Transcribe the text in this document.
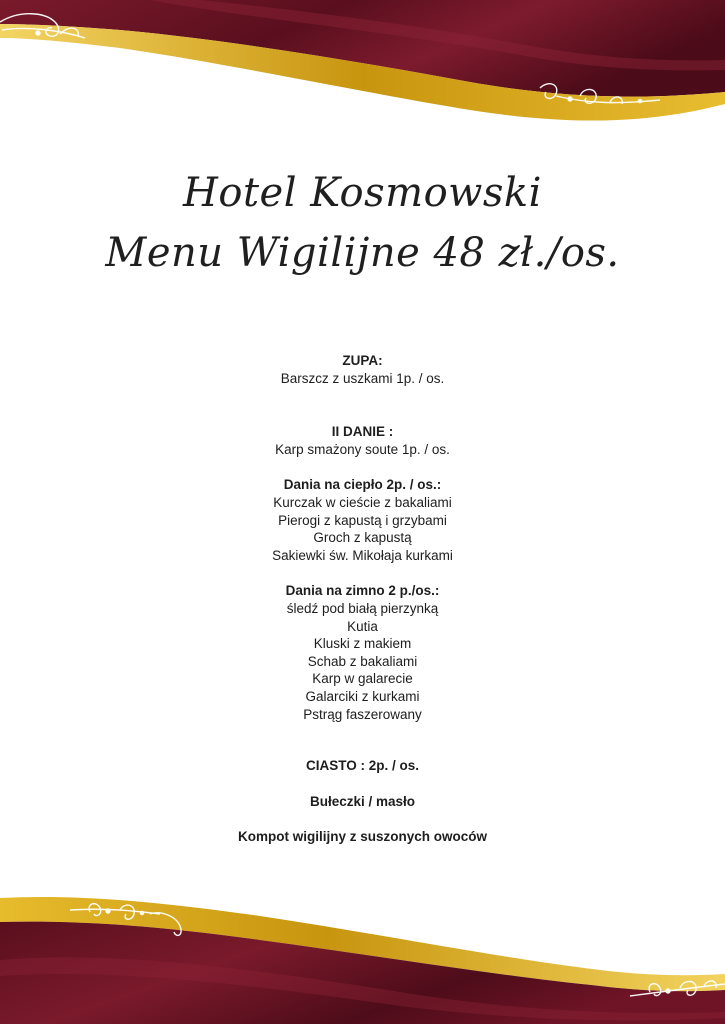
Hotel Kosmowski
Menu Wigilijne 48 zł./os.
ZUPA:
Barszcz z uszkami 1p. / os.
II DANIE :
Karp smażony soute 1p. / os.
Dania na ciepło 2p. / os.:
Kurczak w cieście z bakaliami
Pierogi z kapustą i grzybami
Groch z kapustą
Sakiewki św. Mikołaja kurkami
Dania na zimno 2 p./os.:
śledź pod białą pierzynką
Kutia
Kluski z makiem
Schab z bakaliami
Karp w galarecie
Galarciki z kurkami
Pstrąg faszerowany
CIASTO : 2p. / os.
Bułeczki / masło
Kompot wigilijny z suszonych owoców
